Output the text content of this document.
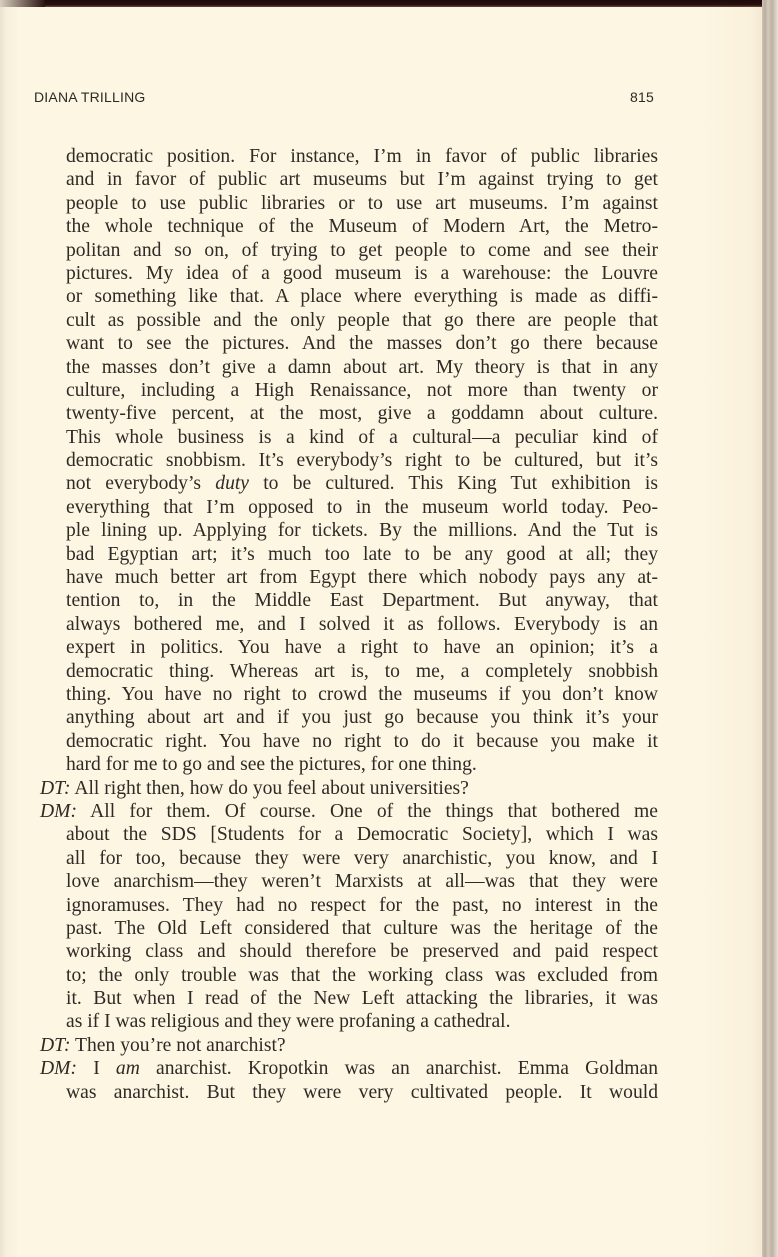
DIANA TRILLING	815
democratic position. For instance, I’m in favor of public libraries
and in favor of public art museums but I’m against trying to get
people to use public libraries or to use art museums. I’m against
the whole technique of the Museum of Modern Art, the Metro-
politan and so on, of trying to get people to come and see their
pictures. My idea of a good museum is a warehouse: the Louvre
or something like that. A place where everything is made as diffi-
cult as possible and the only people that go there are people that
want to see the pictures. And the masses don’t go there because
the masses don’t give a damn about art. My theory is that in any
culture, including a High Renaissance, not more than twenty or
twenty-five percent, at the most, give a goddamn about culture.
This whole business is a kind of a cultural—a peculiar kind of
democratic snobbism. It’s everybody’s right to be cultured, but it’s
not everybody’s duty to be cultured. This King Tut exhibition is
everything that I’m opposed to in the museum world today. Peo-
ple lining up. Applying for tickets. By the millions. And the Tut is
bad Egyptian art; it’s much too late to be any good at all; they
have much better art from Egypt there which nobody pays any at-
tention to, in the Middle East Department. But anyway, that
always bothered me, and I solved it as follows. Everybody is an
expert in politics. You have a right to have an opinion; it’s a
democratic thing. Whereas art is, to me, a completely snobbish
thing. You have no right to crowd the museums if you don’t know
anything about art and if you just go because you think it’s your
democratic right. You have no right to do it because you make it
hard for me to go and see the pictures, for one thing.
DT: All right then, how do you feel about universities?
DM: All for them. Of course. One of the things that bothered me
about the SDS [Students for a Democratic Society], which I was
all for too, because they were very anarchistic, you know, and I
love anarchism—they weren’t Marxists at all—was that they were
ignoramuses. They had no respect for the past, no interest in the
past. The Old Left considered that culture was the heritage of the
working class and should therefore be preserved and paid respect
to; the only trouble was that the working class was excluded from
it. But when I read of the New Left attacking the libraries, it was
as if I was religious and they were profaning a cathedral.
DT: Then you’re not anarchist?
DM: I am anarchist. Kropotkin was an anarchist. Emma Goldman
was anarchist. But they were very cultivated people. It would
